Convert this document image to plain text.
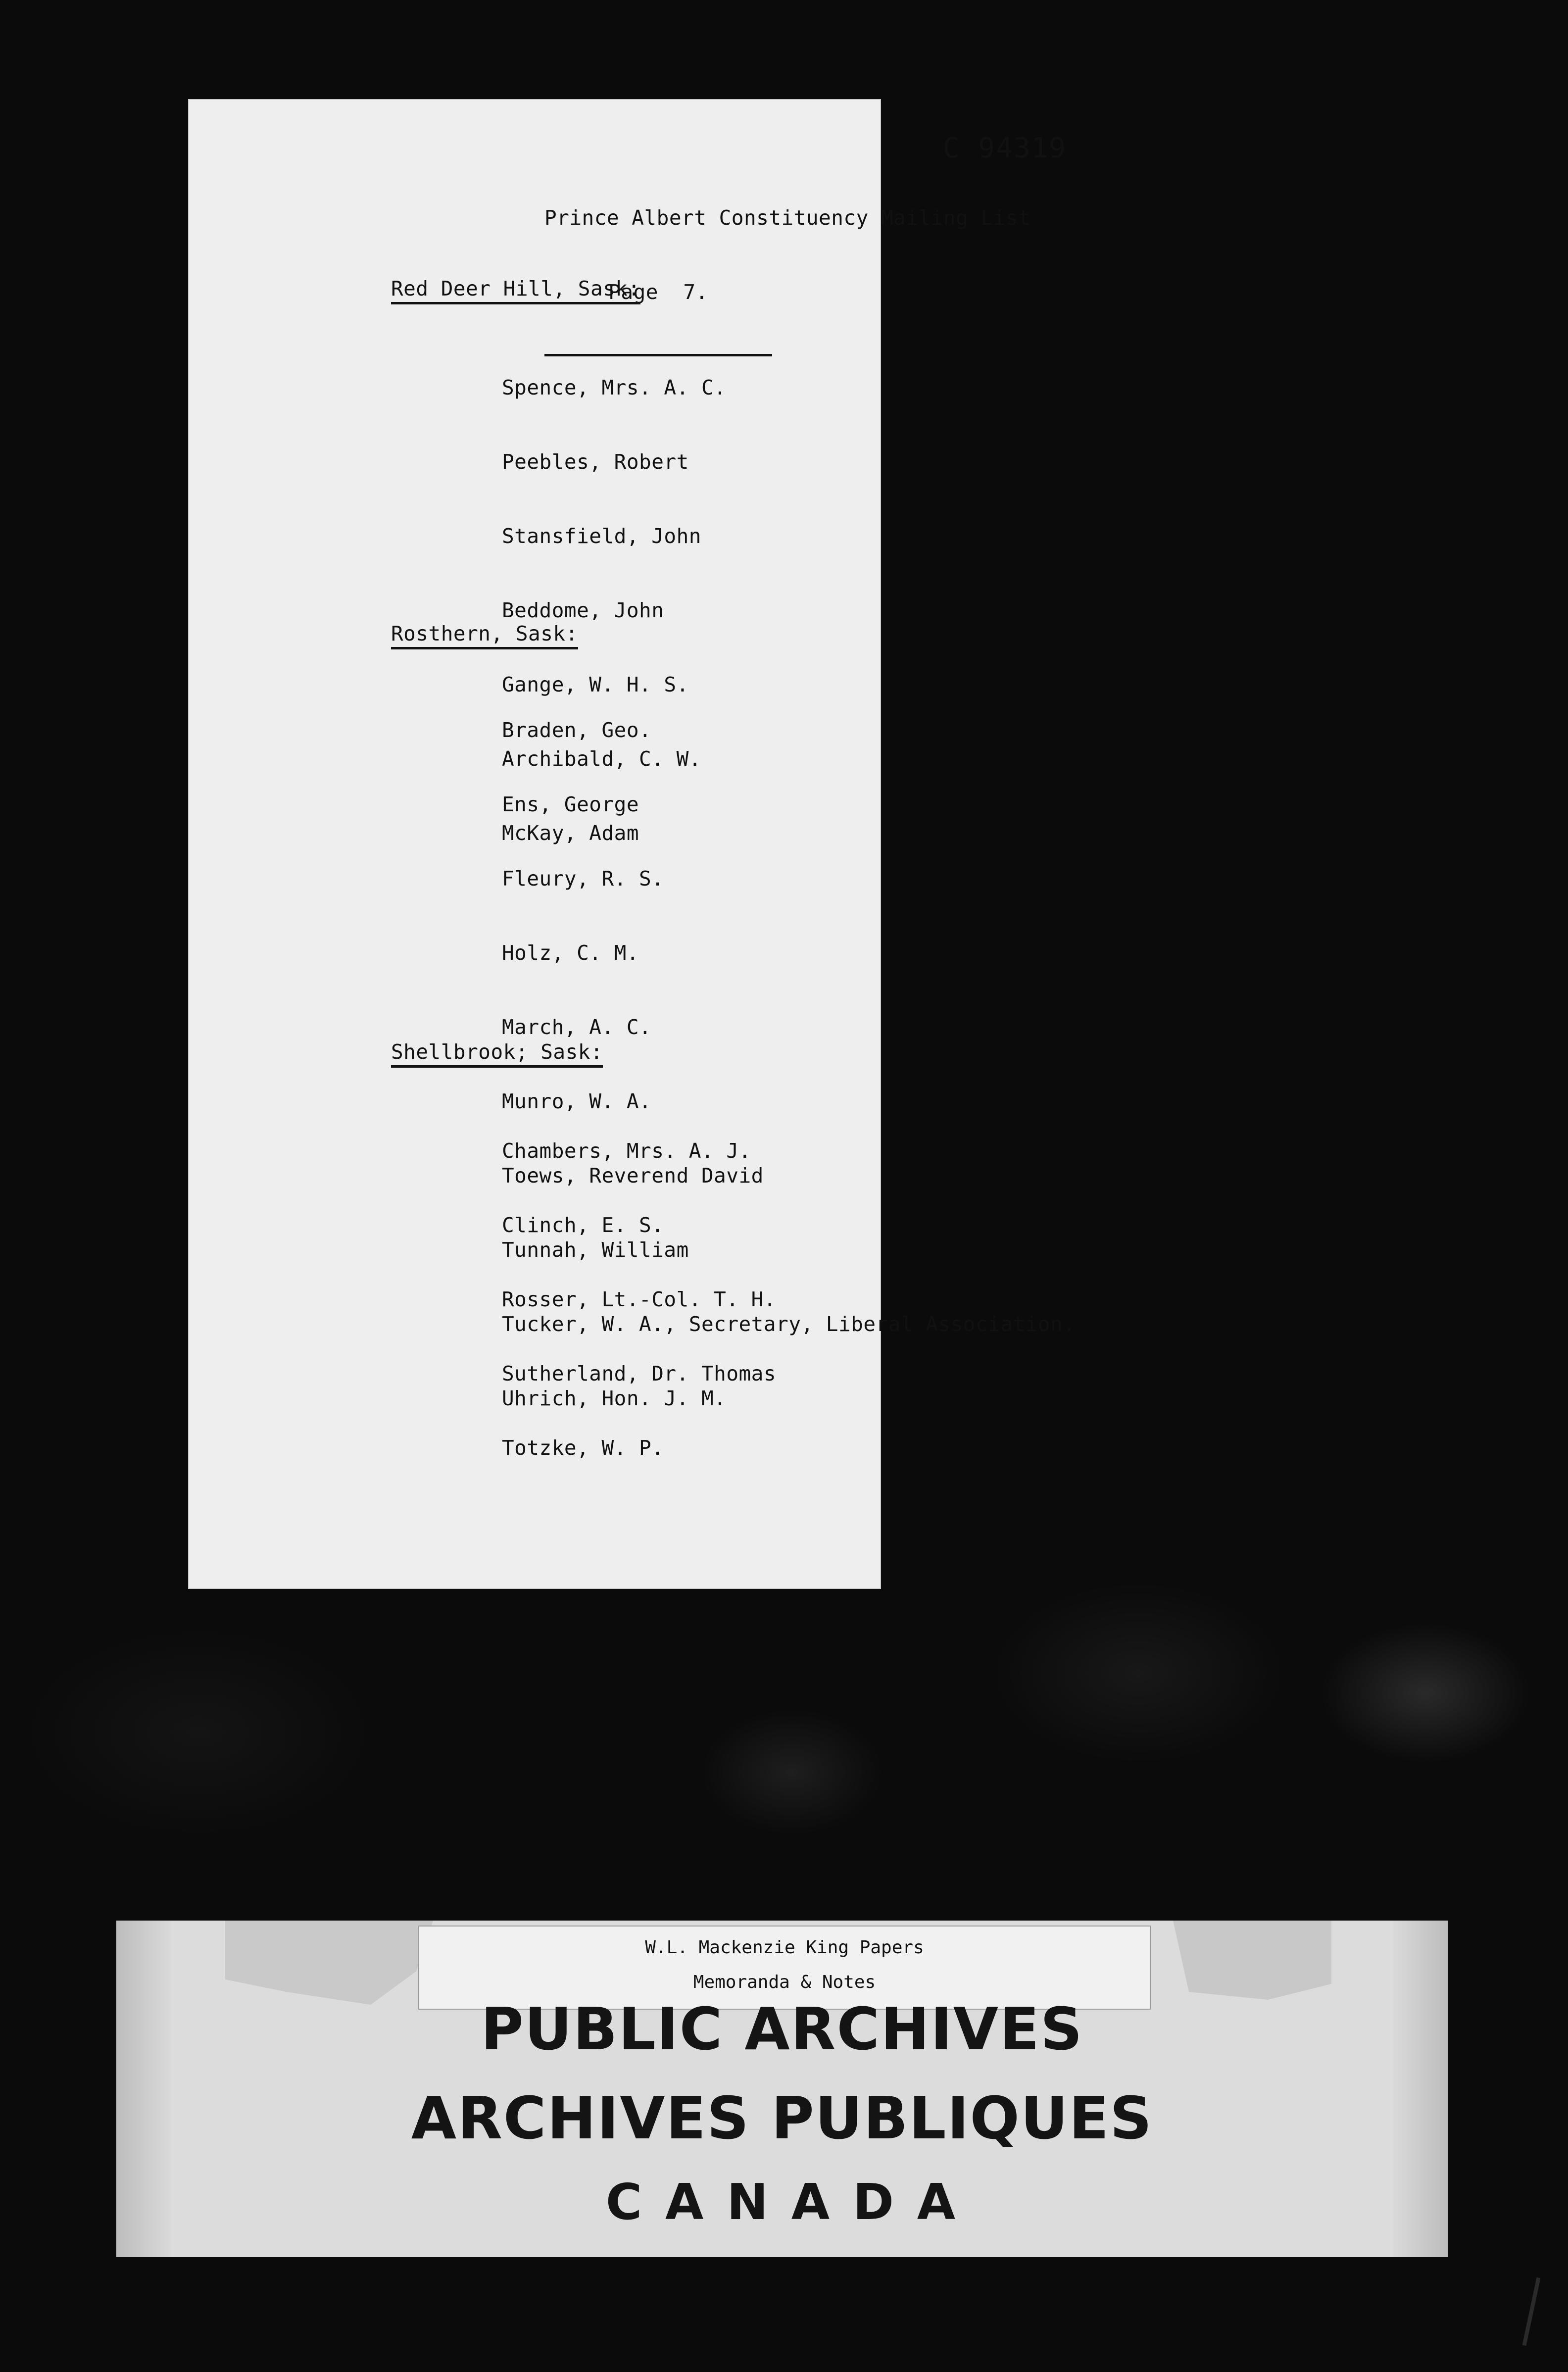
C 94319

Prince Albert Constituency Mailing List

Page  7.

Red Deer Hill, Sask:

Spence, Mrs. A. C.

Peebles, Robert

Stansfield, John

Beddome, John

Gange, W. H. S.

Archibald, C. W.

McKay, Adam

Rosthern, Sask:

Braden, Geo.

Ens, George

Fleury, R. S.

Holz, C. M.

March, A. C.

Munro, W. A.

Toews, Reverend David

Tunnah, William

Tucker, W. A., Secretary, Liberal Association.

Uhrich, Hon. J. M.

Shellbrook; Sask:

Chambers, Mrs. A. J.

Clinch, E. S.

Rosser, Lt.-Col. T. H.

Sutherland, Dr. Thomas

Totzke, W. P.

W.L. Mackenzie King Papers
Memoranda & Notes
PUBLIC ARCHIVES
ARCHIVES PUBLIQUES
C A N A D A
